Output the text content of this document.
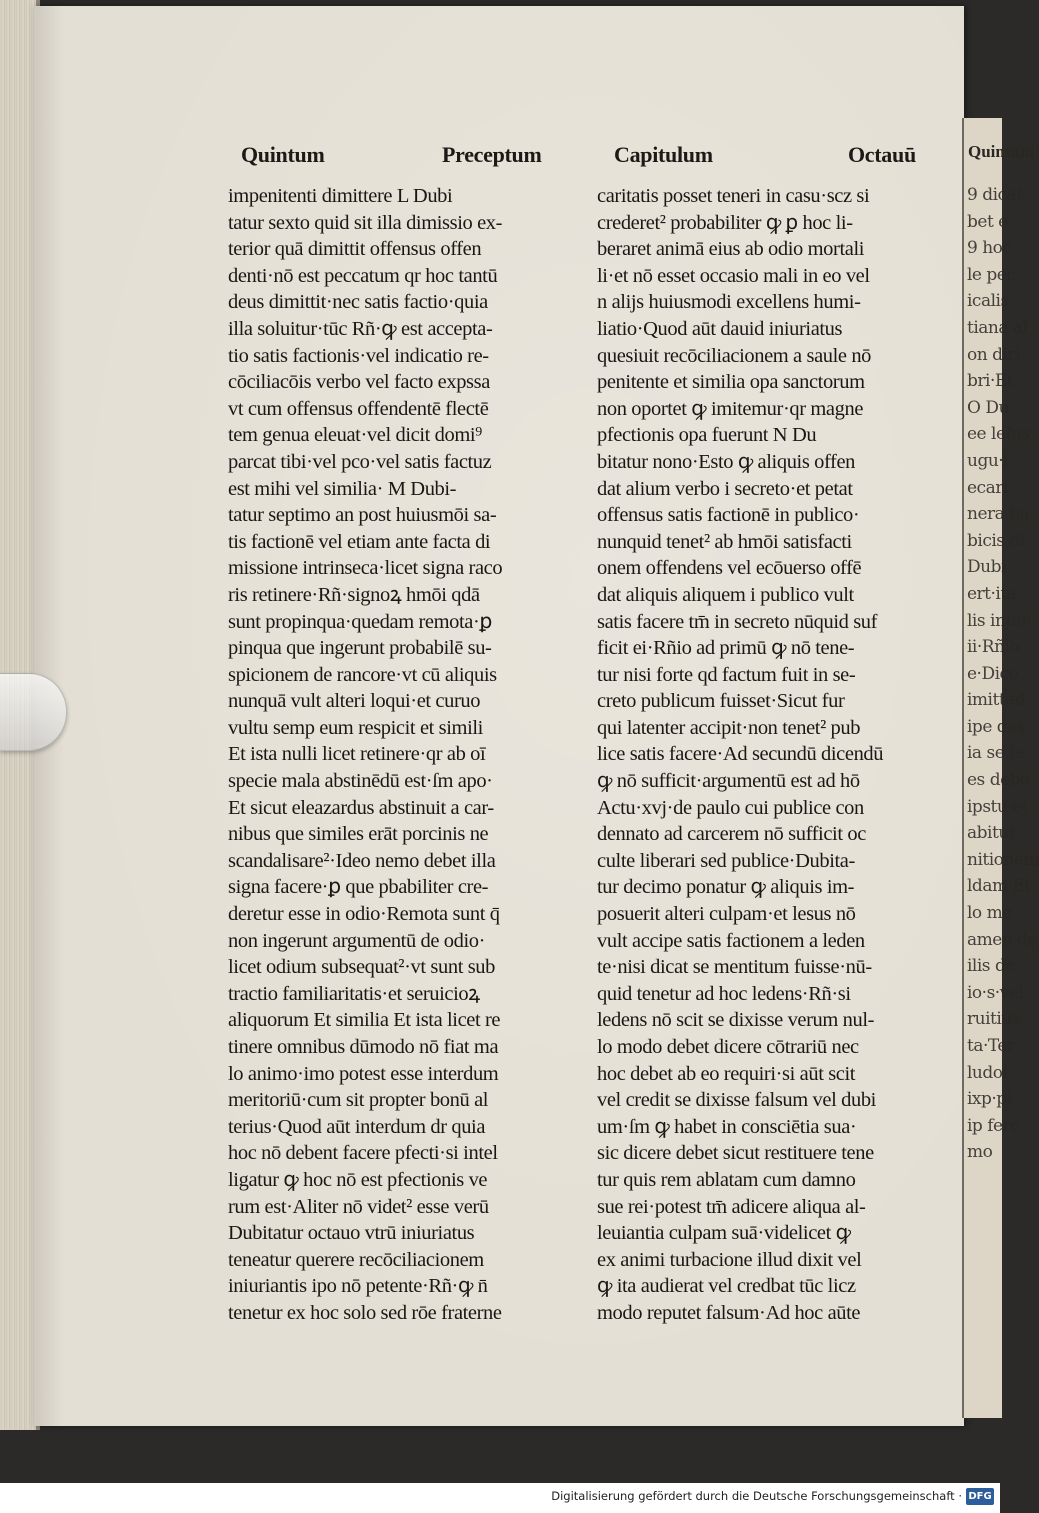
Quintum
9 dicat
bet e
9 hoc
le pec
icalis
tiana al
on diri
bri·Et
O Du
ee lefus
ugu·i
ecari
nera ba
bicis di
Dubi
ert·ita
lis inter
ii·Rñio
e·Dico
imitted
ipe des
ia se le
es debe
ipstu·et
abitur
nitionem
ldam·Et
lo mo
amen de
ilis de
io·s·vel
ruitius
ta·Ter
ludoi
ixp·pi
ip fere
mo
Quintum	Preceptum	Capitulum	Octauū
impenitenti dimittere L Dubi
tatur sexto quid sit illa dimissio ex-
terior quā dimittit offensus offen
denti·nō est peccatum qr hoc tantū
deus dimittit·nec satis factio·quia
illa soluitur·tūc Rñ·ꝙ est accepta-
tio satis factionis·vel indicatio re-
cōciliacōis verbo vel facto expssa
vt cum offensus offendentē flectē
tem genua eleuat·vel dicit domi⁹
parcat tibi·vel pco·vel satis factuz
est mihi vel similia· M Dubi-
tatur septimo an post huiusmōi sa-
tis factionē vel etiam ante facta di
missione intrinseca·licet signa raco
ris retinere·Rñ·signoꝝ hmōi qdā
sunt propinqua·quedam remota·ꝑ
pinqua que ingerunt probabilē su-
spicionem de rancore·vt cū aliquis
nunquā vult alteri loqui·et curuo
vultu semp eum respicit et simili
Et ista nulli licet retinere·qr ab oī
specie mala abstinēdū est·ſm apo·
Et sicut eleazardus abstinuit a car-
nibus que similes erāt porcinis ne
scandalisare²·Ideo nemo debet illa
signa facere·ꝑ que pbabiliter cre-
deretur esse in odio·Remota sunt q̄
non ingerunt argumentū de odio·
licet odium subsequat²·vt sunt sub
tractio familiaritatis·et seruicioꝝ
aliquorum Et similia Et ista licet re
tinere omnibus dūmodo nō fiat ma
lo animo·imo potest esse interdum
meritoriū·cum sit propter bonū al
terius·Quod aūt interdum dr quia
hoc nō debent facere pfecti·si intel
ligatur ꝙ hoc nō est pfectionis ve
rum est·Aliter nō videt² esse verū
Dubitatur octauo vtrū iniuriatus
teneatur querere recōciliacionem
iniuriantis ipo nō petente·Rñ·ꝙ n̄
tenetur ex hoc solo sed rōe fraterne
caritatis posset teneri in casu·scz si
crederet² probabiliter ꝙ ꝑ hoc li-
beraret animā eius ab odio mortali
li·et nō esset occasio mali in eo vel
n alijs huiusmodi excellens humi-
liatio·Quod aūt dauid iniuriatus
quesiuit recōciliacionem a saule nō
penitente et similia opa sanctorum
non oportet ꝙ imitemur·qr magne
pfectionis opa fuerunt N Du
bitatur nono·Esto ꝙ aliquis offen
dat alium verbo i secreto·et petat
offensus satis factionē in publico·
nunquid tenet² ab hmōi satisfacti
onem offendens vel ecōuerso offē
dat aliquis aliquem i publico vult
satis facere tm̄ in secreto nūquid suf
ficit ei·Rñio ad primū ꝙ nō tene-
tur nisi forte qd factum fuit in se-
creto publicum fuisset·Sicut fur
qui latenter accipit·non tenet² pub
lice satis facere·Ad secundū dicendū
ꝙ nō sufficit·argumentū est ad hō
Actu·xvj·de paulo cui publice con
dennato ad carcerem nō sufficit oc
culte liberari sed publice·Dubita-
tur decimo ponatur ꝙ aliquis im-
posuerit alteri culpam·et lesus nō
vult accipe satis factionem a leden
te·nisi dicat se mentitum fuisse·nū-
quid tenetur ad hoc ledens·Rñ·si
ledens nō scit se dixisse verum nul-
lo modo debet dicere cōtrariū nec
hoc debet ab eo requiri·si aūt scit
vel credit se dixisse falsum vel dubi
um·ſm ꝙ habet in consciētia sua·
sic dicere debet sicut restituere tene
tur quis rem ablatam cum damno
sue rei·potest tm̄ adicere aliqua al-
leuiantia culpam suā·videlicet ꝙ
ex animi turbacione illud dixit vel
ꝙ ita audierat vel credbat tūc licz
modo reputet falsum·Ad hoc aūte
Digitalisierung gefördert durch die Deutsche Forschungsgemeinschaft · DFG
